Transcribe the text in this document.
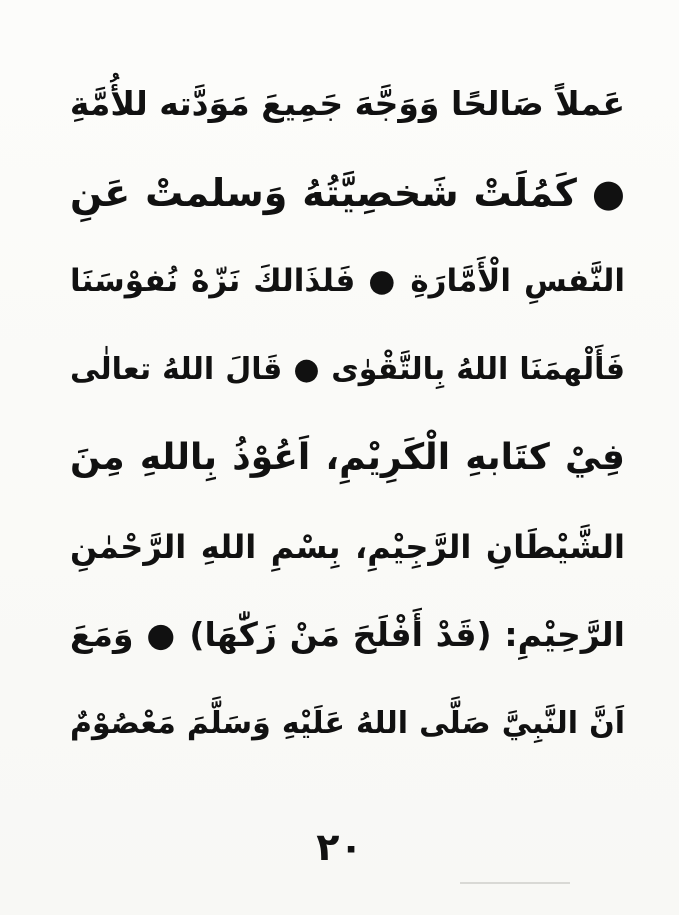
عَملاً صَالحًا وَوَجَّهَ جَمِيعَ مَوَدَّته للأُمَّةِ
● كَمُلَتْ شَخصِيَّتُهُ وَسلمتْ عَنِ
النَّفسِ الْأَمَّارَةِ ● فَلذَالكَ نَزّهْ نُفوْسَنَا
فَأَلْهمَنَا اللهُ بِالتَّقْوٰى ● قَالَ اللهُ تعالٰى
فِيْ كتَابهِ الْكَرِيْمِ، اَعُوْذُ بِاللهِ مِنَ
الشَّيْطَانِ الرَّجِيْمِ، بِسْمِ اللهِ الرَّحْمٰنِ
الرَّحِيْمِ: (قَدْ أَفْلَحَ مَنْ زَكّٰهَا) ● وَمَعَ
اَنَّ النَّبِيَّ صَلَّى اللهُ عَلَيْهِ وَسَلَّمَ مَعْصُوْمٌ
٢٠
